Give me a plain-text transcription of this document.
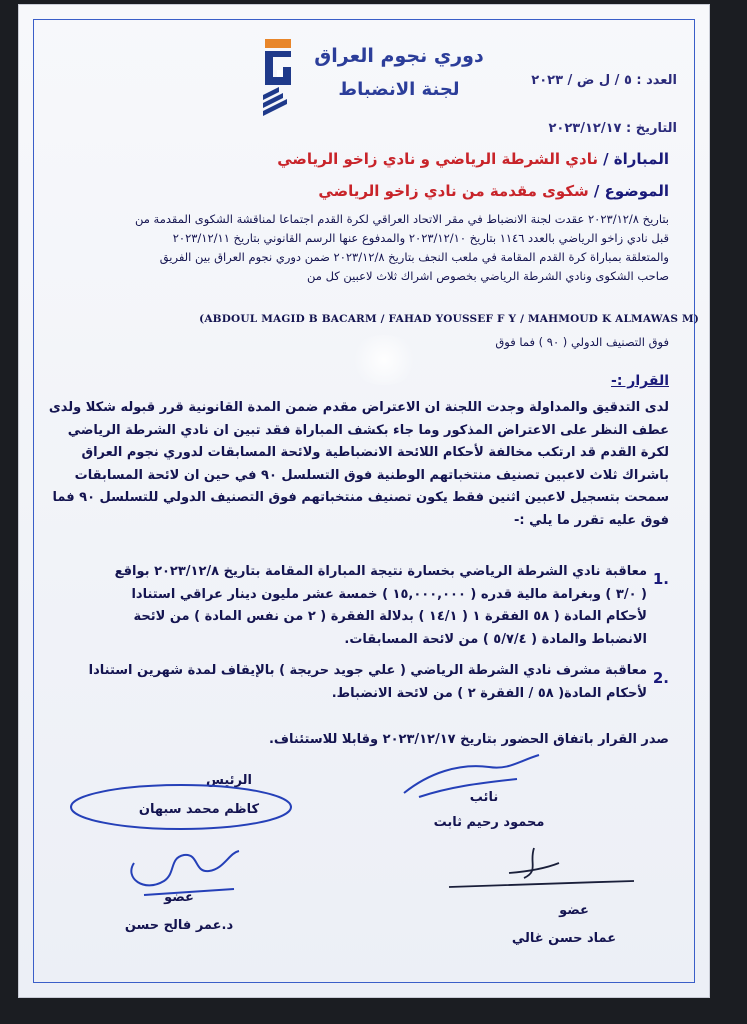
دوري نجوم العراق
لجنة الانضباط	العدد : ٥ / ل ض / ٢٠٢٣
التاريخ : ٢٠٢٣/١٢/١٧
المباراة / نادي الشرطة الرياضي و نادي زاخو الرياضي
الموضوع / شكوى مقدمة من نادي زاخو الرياضي
بتاريخ ٢٠٢٣/١٢/٨ عقدت لجنة الانضباط في مقر الاتحاد العراقي لكرة القدم اجتماعا لمناقشة الشكوى المقدمة من
قبل نادي زاخو الرياضي بالعدد ١١٤٦ بتاريخ ٢٠٢٣/١٢/١٠ والمدفوع عنها الرسم القانوني بتاريخ ٢٠٢٣/١٢/١١
والمتعلقة بمباراة كرة القدم المقامة في ملعب النجف بتاريخ ٢٠٢٣/١٢/٨ ضمن دوري نجوم العراق بين الفريق
صاحب الشكوى ونادي الشرطة الرياضي بخصوص اشراك ثلاث لاعبين كل من
(ABDOUL MAGID B BACARM / FAHAD YOUSSEF F Y / MAHMOUD K ALMAWAS M)
فوق التصنيف الدولي ( ٩٠ ) فما فوق
القرار :-
لدى التدقيق والمداولة وجدت اللجنة ان الاعتراض مقدم ضمن المدة القانونية قرر قبوله شكلا ولدى
عطف النظر على الاعتراض المذكور وما جاء بكشف المباراة فقد تبين ان نادي الشرطة الرياضي
لكرة القدم قد ارتكب مخالفة لأحكام اللائحة الانضباطية ولائحة المسابقات لدوري نجوم العراق
باشراك ثلاث لاعبين تصنيف منتخباتهم الوطنية فوق التسلسل ٩٠ في حين ان لائحة المسابقات
سمحت بتسجيل لاعبين اثنين فقط يكون تصنيف منتخباتهم فوق التصنيف الدولي للتسلسل ٩٠ فما
فوق عليه تقرر ما يلي :-
1.
معاقبة نادي الشرطة الرياضي بخسارة نتيجة المباراة المقامة بتاريخ ٢٠٢٣/١٢/٨ بواقع
( ٣/٠ ) وبغرامة مالية قدره ( ١٥,٠٠٠,٠٠٠ ) خمسة عشر مليون دينار عراقي استنادا
لأحكام المادة ( ٥٨ الفقرة ١ ( ١٤/١ ) بدلالة الفقرة ( ٢ من نفس المادة ) من لائحة
الانضباط والمادة ( ٥/٧/٤ ) من لائحة المسابقات.
2.
معاقبة مشرف نادي الشرطة الرياضي ( علي جويد حريجة ) بالإيقاف لمدة شهرين استنادا
لأحكام المادة( ٥٨ / الفقرة ٢ ) من لائحة الانضباط.
صدر القرار باتفاق الحضور بتاريخ ٢٠٢٣/١٢/١٧ وقابلا للاستئناف.
الرئيس
كاظم محمد سبهان
نائب
محمود رحيم ثابت
عضو
د.عمر فالح حسن
عضو
عماد حسن غالي
